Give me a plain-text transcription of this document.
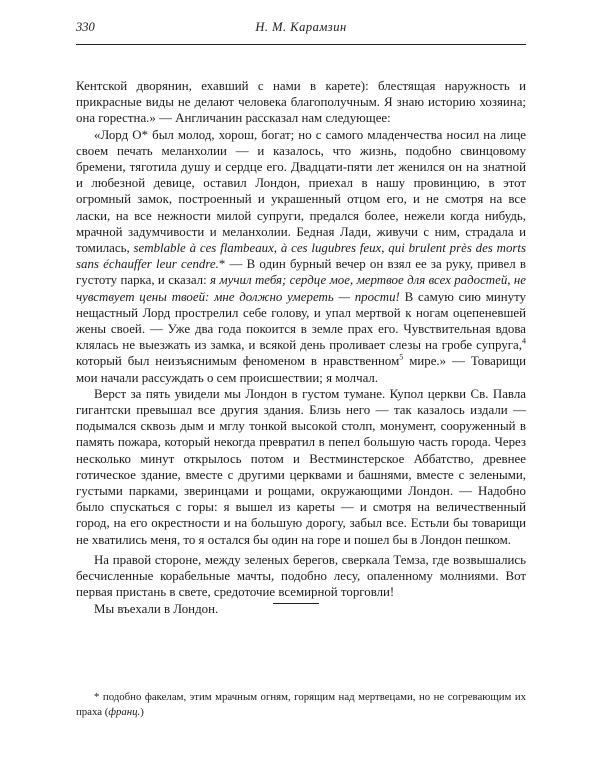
330	Н. М. Карамзин

Кентской дворянин, ехавший с нами в карете): блестящая наружность и прикрасные виды не делают человека благополучным. Я знаю историю хозяина; она горестна.» — Англичанин рассказал нам следующее:

«Лорд О* был молод, хорош, богат; но с самого младенчества носил на лице своем печать меланхолии — и казалось, что жизнь, подобно свинцовому бремени, тяготила душу и сердце его. Двадцати-пяти лет женился он на знатной и любезной девице, оставил Лондон, приехал в нашу провинцию, в этот огромный замок, построенный и украшенный отцом его, и не смотря на все ласки, на все нежности милой супруги, предался более, нежели когда нибудь, мрачной задумчивости и меланхолии. Бедная Лади, живучи с ним, страдала и томилась, semblable à ces flambeaux, à ces lugubres feux, qui brulent près des morts sans échauffer leur cendre.* — В один бурный вечер он взял ее за руку, привел в густоту парка, и сказал: я мучил тебя; сердце мое, мертвое для всех радостей, не чувствует цены твоей: мне должно умереть — прости! В самую сию минуту нещастный Лорд прострелил себе голову, и упал мертвой к ногам оцепеневшей жены своей. — Уже два года покоится в земле прах его. Чувствительная вдова клялась не выезжать из замка, и всякой день проливает слезы на гробе супруга,$^4$ который был неизъяснимым феноменом в нравственном$^5$ мире.» — Товарищи мои начали рассуждать о сем происшествии; я молчал.

Верст за пять увидели мы Лондон в густом тумане. Купол церкви Св. Павла гигантски превышал все другия здания. Близь него — так казалось издали — подымался сквозь дым и мглу тонкой высокой столп, монумент, сооруженный в память пожара, который некогда превратил в пепел большую часть города. Через несколько минут открылось потом и Вестминстерское Аббатство, древнее готическое здание, вместе с другими церквами и башнями, вместе с зелеными, густыми парками, зверинцами и рощами, окружающими Лондон. — Надобно было спускаться с горы: я вышел из кареты — и смотря на величественный город, на его окрестности и на большую дорогу, забыл все. Естьли бы товарищи не хватились меня, то я остался бы один на горе и пошел бы в Лондон пешком.

На правой стороне, между зеленых берегов, сверкала Темза, где возвышались бесчисленные корабельные мачты, подобно лесу, опаленному молниями. Вот первая пристань в свете, средоточие всемирной торговли!

Мы въехали в Лондон.

* подобно факелам, этим мрачным огням, горящим над мертвецами, но не согревающим их праха (франц.)
